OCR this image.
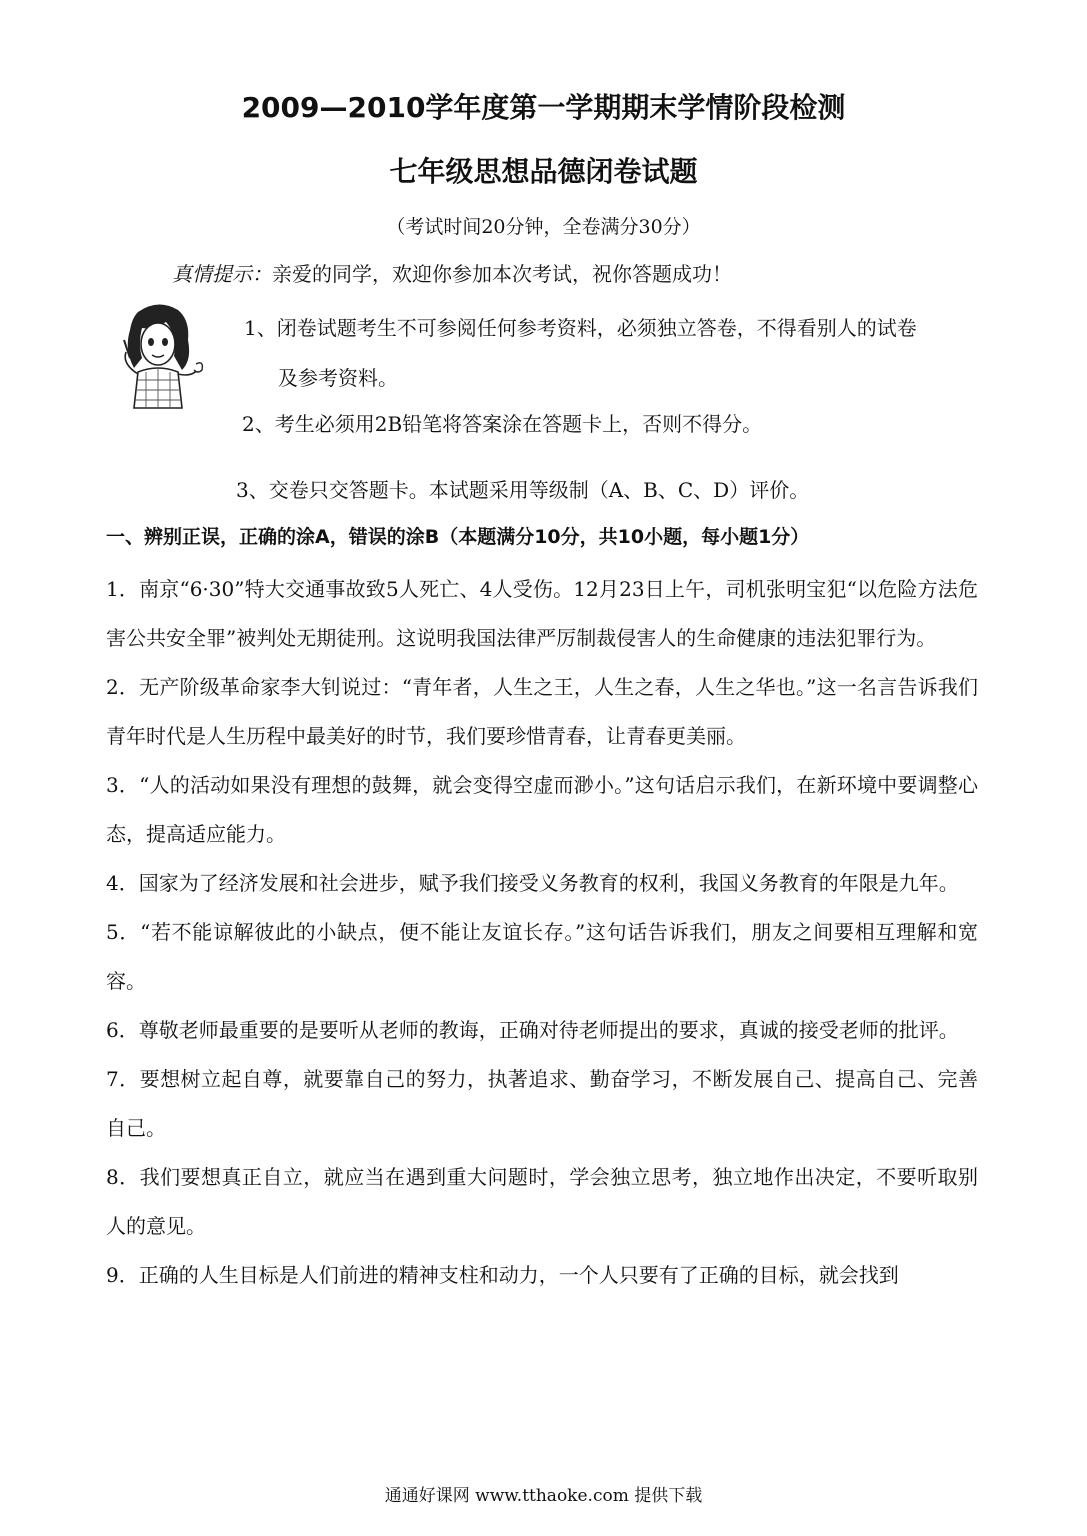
2009—2010学年度第一学期期末学情阶段检测
七年级思想品德闭卷试题
（考试时间20分钟，全卷满分30分）
真情提示：亲爱的同学，欢迎你参加本次考试，祝你答题成功！
1、闭卷试题考生不可参阅任何参考资料，必须独立答卷，不得看别人的试卷
及参考资料。
2、考生必须用2B铅笔将答案涂在答题卡上，否则不得分。
3、交卷只交答题卡。本试题采用等级制（A、B、C、D）评价。
一、辨别正误，正确的涂A，错误的涂B（本题满分10分，共10小题，每小题1分）

1．南京“6·30”特大交通事故致5人死亡、4人受伤。12月23日上午，司机张明宝犯“以危险方法危害公共安全罪”被判处无期徒刑。这说明我国法律严厉制裁侵害人的生命健康的违法犯罪行为。

2．无产阶级革命家李大钊说过：“青年者，人生之王，人生之春，人生之华也。”这一名言告诉我们青年时代是人生历程中最美好的时节，我们要珍惜青春，让青春更美丽。

3．“人的活动如果没有理想的鼓舞，就会变得空虚而渺小。”这句话启示我们，在新环境中要调整心态，提高适应能力。

4．国家为了经济发展和社会进步，赋予我们接受义务教育的权利，我国义务教育的年限是九年。

5．“若不能谅解彼此的小缺点，便不能让友谊长存。”这句话告诉我们，朋友之间要相互理解和宽容。

6．尊敬老师最重要的是要听从老师的教诲，正确对待老师提出的要求，真诚的接受老师的批评。

7．要想树立起自尊，就要靠自己的努力，执著追求、勤奋学习，不断发展自己、提高自己、完善自己。

8．我们要想真正自立，就应当在遇到重大问题时，学会独立思考，独立地作出决定，不要听取别人的意见。

9．正确的人生目标是人们前进的精神支柱和动力，一个人只要有了正确的目标，就会找到

通通好课网 www.tthaoke.com 提供下载
